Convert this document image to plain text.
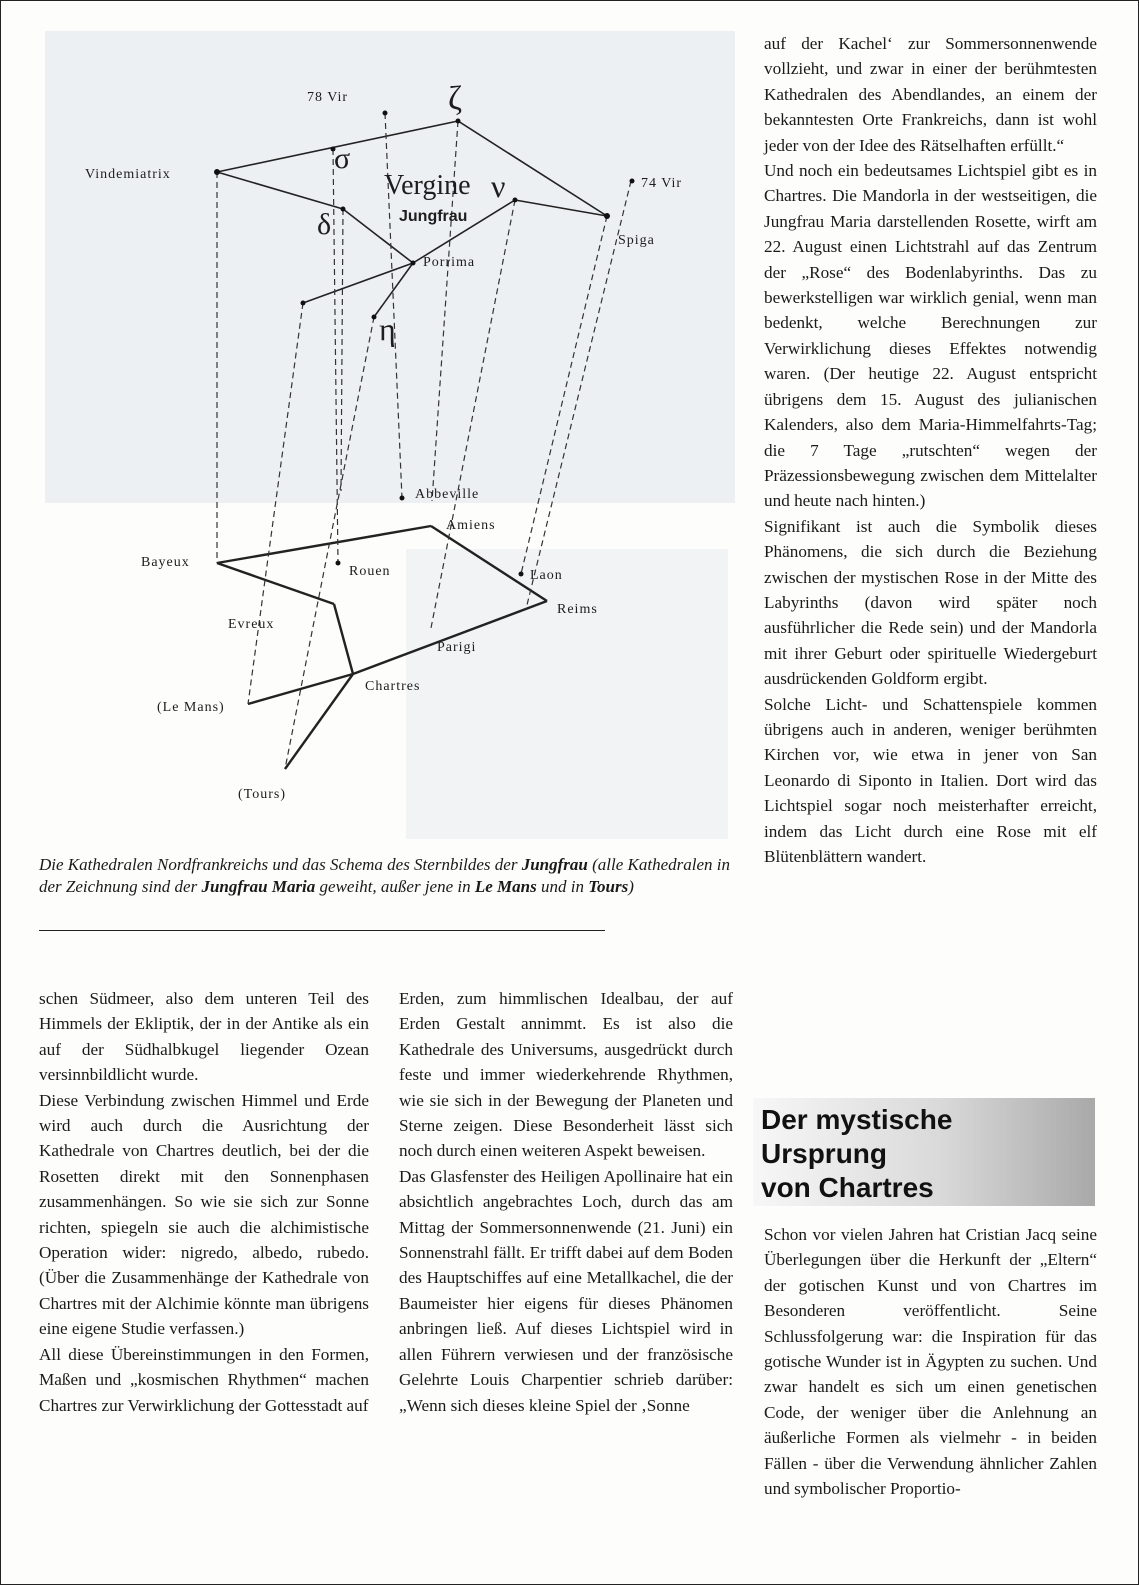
Vindemiatrix
78 Vir	ζ
σ
Vergine ν
Jungfrau
δ
Porrima
η
74 Vir
Spiga
Abbeville
Amiens
Bayeux
Rouen	Laon
Reims
Evreux
Parigi
Chartres
(Le Mans)
(Tours)

Die Kathedralen Nordfrankreichs und das Schema des Sternbildes der Jungfrau (alle Kathedralen in der Zeichnung sind der Jungfrau Maria geweiht, außer jene in Le Mans und in Tours)

schen Südmeer, also dem unteren Teil des Himmels der Ekliptik, der in der Antike als ein auf der Südhalbkugel liegender Ozean versinnbildlicht wurde.

Diese Verbindung zwischen Himmel und Erde wird auch durch die Ausrichtung der Kathedrale von Chartres deutlich, bei der die Rosetten direkt mit den Sonnenphasen zusammenhängen. So wie sie sich zur Sonne richten, spiegeln sie auch die alchimistische Operation wider: nigredo, albedo, rubedo. (Über die Zusammenhänge der Kathedrale von Chartres mit der Alchimie könnte man übrigens eine eigene Studie verfassen.)

All diese Übereinstimmungen in den Formen, Maßen und „kosmischen Rhythmen“ machen Chartres zur Verwirklichung der Gottesstadt auf

Erden, zum himmlischen Idealbau, der auf Erden Gestalt annimmt. Es ist also die Kathedrale des Universums, ausgedrückt durch feste und immer wiederkehrende Rhythmen, wie sie sich in der Bewegung der Planeten und Sterne zeigen. Diese Besonderheit lässt sich noch durch einen weiteren Aspekt beweisen.

Das Glasfenster des Heiligen Apollinaire hat ein absichtlich angebrachtes Loch, durch das am Mittag der Sommersonnenwende (21. Juni) ein Sonnenstrahl fällt. Er trifft dabei auf dem Boden des Hauptschiffes auf eine Metallkachel, die der Baumeister hier eigens für dieses Phänomen anbringen ließ. Auf dieses Lichtspiel wird in allen Führern verwiesen und der französische Gelehrte Louis Charpentier schrieb darüber: „Wenn sich dieses kleine Spiel der ‚Sonne

auf der Kachel‘ zur Sommersonnenwende vollzieht, und zwar in einer der berühmtesten Kathedralen des Abendlandes, an einem der bekanntesten Orte Frankreichs, dann ist wohl jeder von der Idee des Rätselhaften erfüllt.“

Und noch ein bedeutsames Lichtspiel gibt es in Chartres. Die Mandorla in der westseitigen, die Jungfrau Maria darstellenden Rosette, wirft am 22. August einen Lichtstrahl auf das Zentrum der „Rose“ des Bodenlabyrinths. Das zu bewerkstelligen war wirklich genial, wenn man bedenkt, welche Berechnungen zur Verwirklichung dieses Effektes notwendig waren. (Der heutige 22. August entspricht übrigens dem 15. August des julianischen Kalenders, also dem Maria-Himmelfahrts-Tag; die 7 Tage „rutschten“ wegen der Präzessionsbewegung zwischen dem Mittelalter und heute nach hinten.)

Signifikant ist auch die Symbolik dieses Phänomens, die sich durch die Beziehung zwischen der mystischen Rose in der Mitte des Labyrinths (davon wird später noch ausführlicher die Rede sein) und der Mandorla mit ihrer Geburt oder spirituelle Wiedergeburt ausdrückenden Goldform ergibt.

Solche Licht- und Schattenspiele kommen übrigens auch in anderen, weniger berühmten Kirchen vor, wie etwa in jener von San Leonardo di Siponto in Italien. Dort wird das Lichtspiel sogar noch meisterhafter erreicht, indem das Licht durch eine Rose mit elf Blütenblättern wandert.

Der mystische
Ursprung
von Chartres

Schon vor vielen Jahren hat Cristian Jacq seine Überlegungen über die Herkunft der „Eltern“ der gotischen Kunst und von Chartres im Besonderen veröffentlicht. Seine Schlussfolgerung war: die Inspiration für das gotische Wunder ist in Ägypten zu suchen. Und zwar handelt es sich um einen genetischen Code, der weniger über die Anlehnung an äußerliche Formen als vielmehr - in beiden Fällen - über die Verwendung ähnlicher Zahlen und symbolischer Proportio-
